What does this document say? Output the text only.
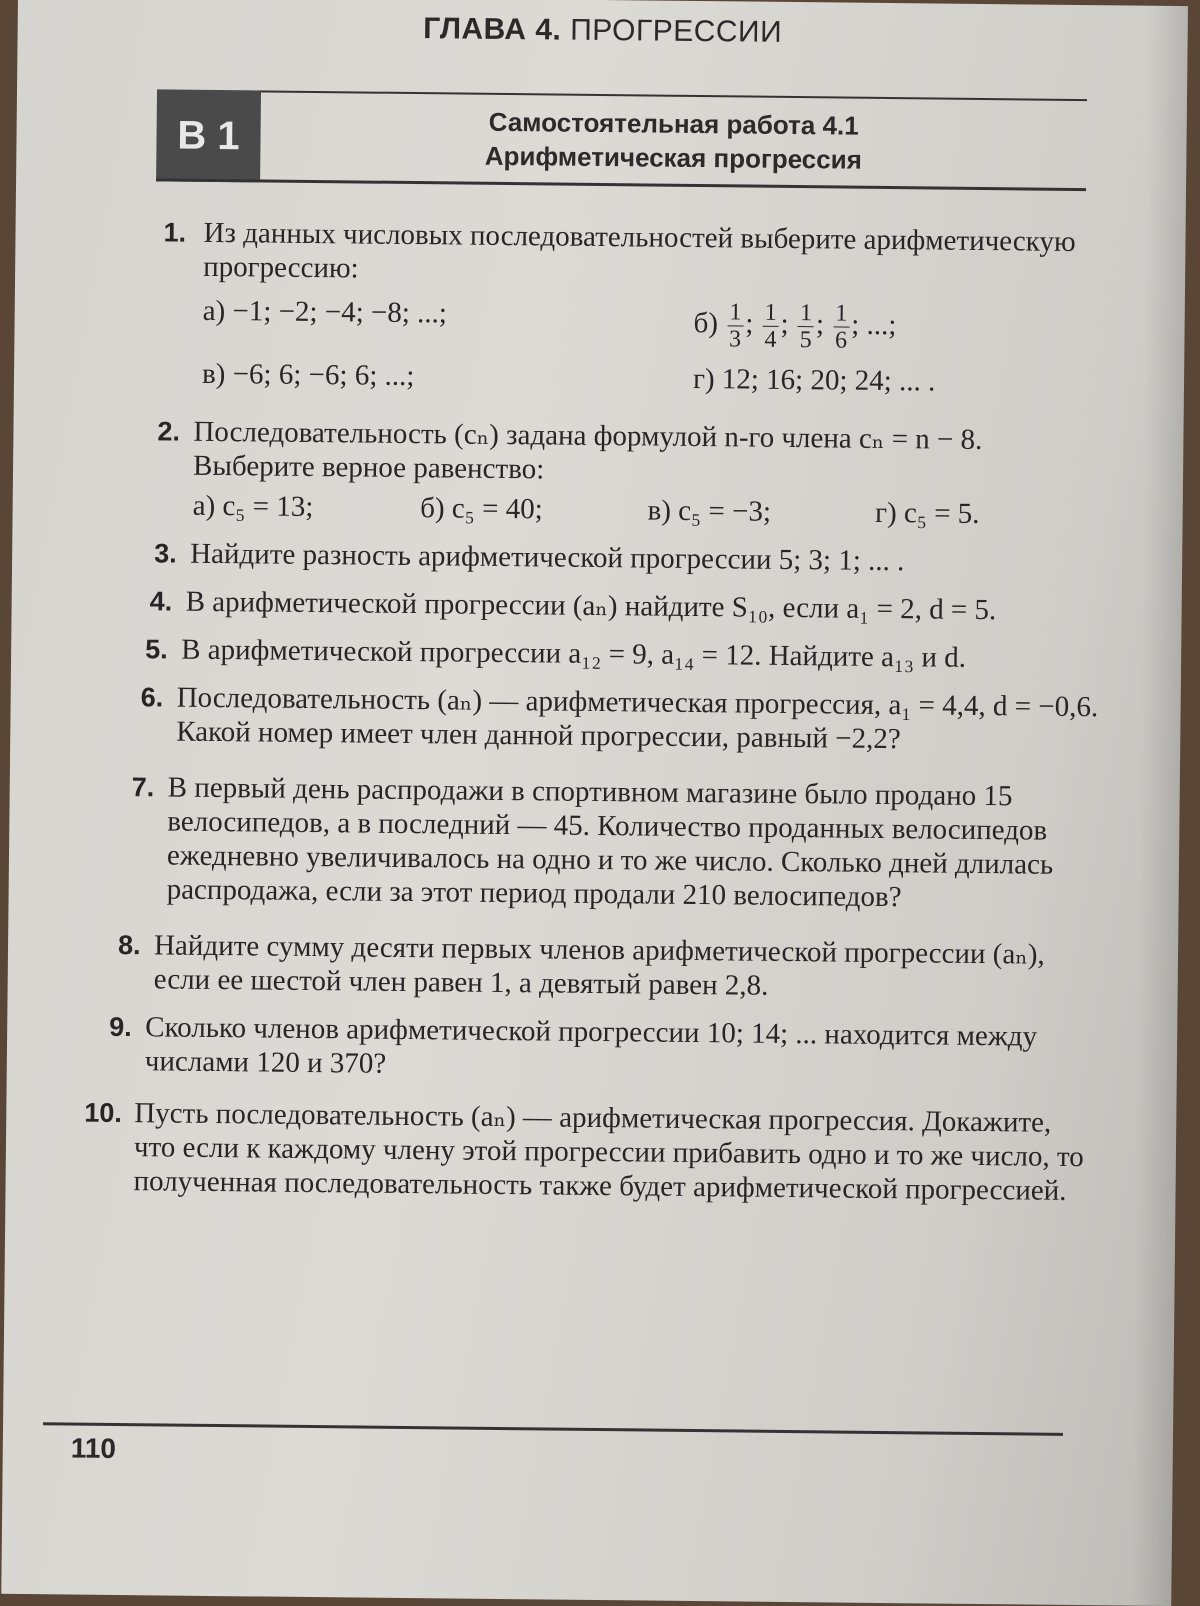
ГЛАВА 4. ПРОГРЕССИИ
В 1	Самостоятельная работа 4.1
Арифметическая прогрессия
1. Из данных числовых последовательностей выберите арифметическую прогрессию:
а) −1; −2; −4; −8; ...;	$б) \frac{1}{3}$ ; $\frac{1}{4}$ ; $\frac{1}{5}$ ; $\frac{1}{6}$ ; ...;
в) −6; 6; −6; 6; ...;	г) 12; 16; 20; 24; ... .
2. Последовательность (cₙ) задана формулой n-го члена cₙ = n − 8. Выберите верное равенство:
а) c₅ = 13;	б) c₅ = 40;	в) c₅ = −3;	г) c₅ = 5.
3. Найдите разность арифметической прогрессии 5; 3; 1; ... .
4. В арифметической прогрессии (aₙ) найдите S₁₀, если a₁ = 2, d = 5.
5. В арифметической прогрессии a₁₂ = 9, a₁₄ = 12. Найдите a₁₃ и d.
6. Последовательность (aₙ) — арифметическая прогрессия, a₁ = 4,4, d = −0,6. Какой номер имеет член данной прогрессии, равный −2,2?
7. В первый день распродажи в спортивном магазине было продано 15 велосипедов, а в последний — 45. Количество проданных велосипедов ежедневно увеличивалось на одно и то же число. Сколько дней длилась распродажа, если за этот период продали 210 велосипедов?
8. Найдите сумму десяти первых членов арифметической прогрессии (aₙ), если ее шестой член равен 1, а девятый равен 2,8.
9. Сколько членов арифметической прогрессии 10; 14; ... находится между числами 120 и 370?
10. Пусть последовательность (aₙ) — арифметическая прогрессия. Докажите, что если к каждому члену этой прогрессии прибавить одно и то же число, то полученная последовательность также будет арифметической прогрессией.
110
